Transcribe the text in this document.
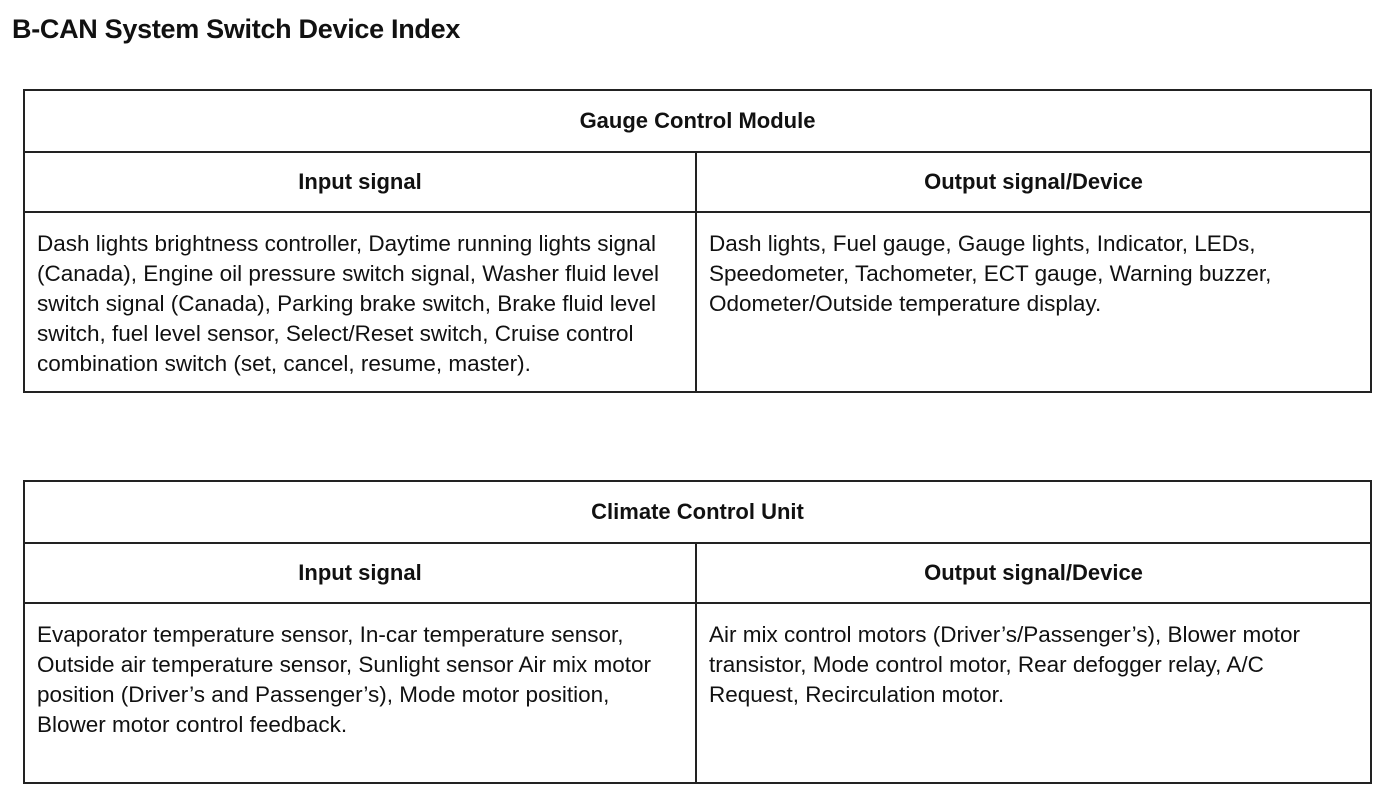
B-CAN System Switch Device Index
Gauge Control Module	
Input signal	Output signal/Device
Dash lights brightness controller, Daytime running lights signal (Canada), Engine oil pressure switch signal, Washer fluid level switch signal (Canada), Parking brake switch, Brake fluid level switch, fuel level sensor, Select/Reset switch, Cruise control combination switch (set, cancel, resume, master).	Dash lights, Fuel gauge, Gauge lights, Indicator, LEDs, Speedometer, Tachometer, ECT gauge, Warning buzzer, Odometer/Outside temperature display.
Climate Control Unit	
Input signal	Output signal/Device
Evaporator temperature sensor, In-car temperature sensor, Outside air temperature sensor, Sunlight sensor Air mix motor position (Driver’s and Passenger’s), Mode motor position, Blower motor control feedback.	Air mix control motors (Driver’s/Passenger’s), Blower motor transistor, Mode control motor, Rear defogger relay, A/C Request, Recirculation motor.
